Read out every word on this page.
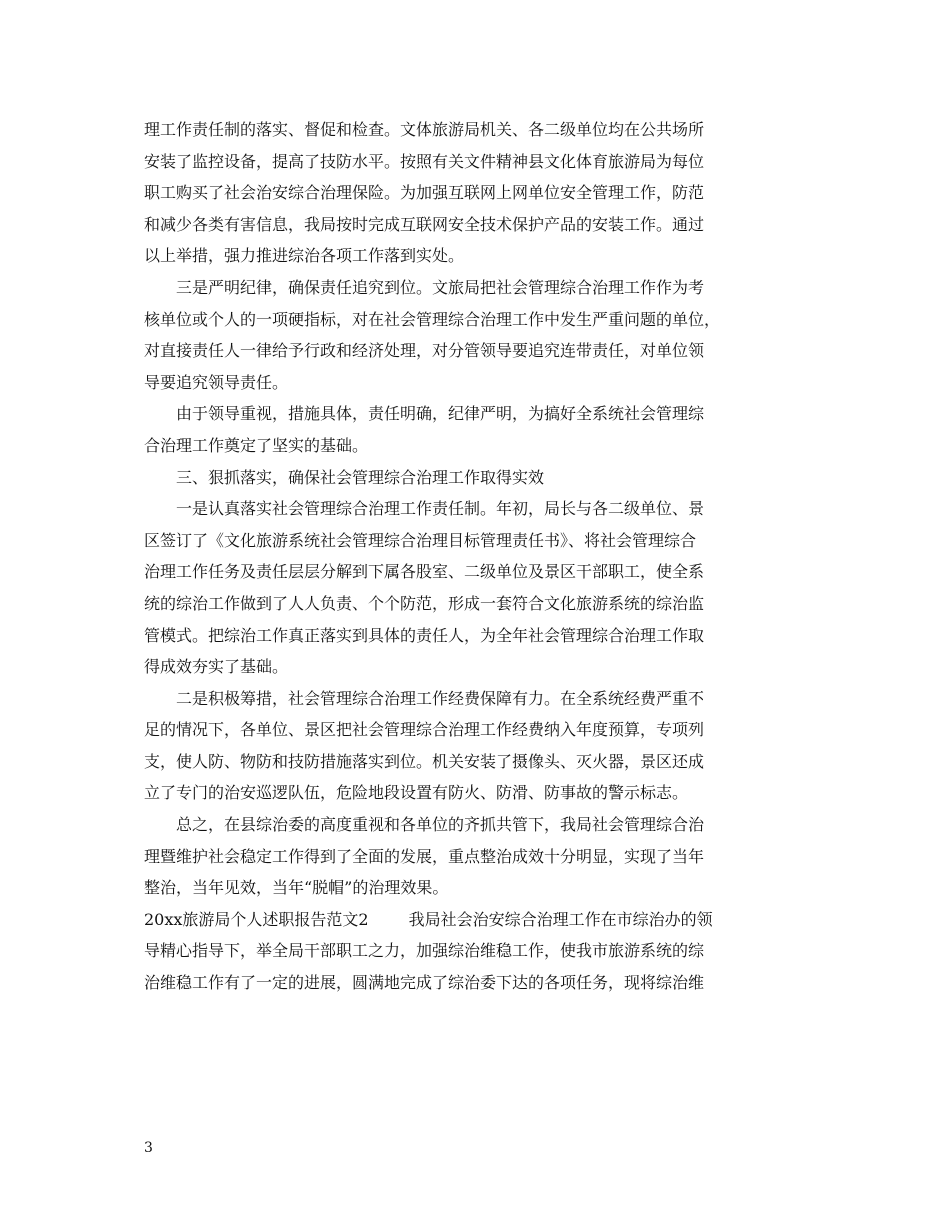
理工作责任制的落实、督促和检查。文体旅游局机关、各二级单位均在公共场所
安装了监控设备，提高了技防水平。按照有关文件精神县文化体育旅游局为每位
职工购买了社会治安综合治理保险。为加强互联网上网单位安全管理工作，防范
和减少各类有害信息，我局按时完成互联网安全技术保护产品的安装工作。通过
以上举措，强力推进综治各项工作落到实处。
三是严明纪律，确保责任追究到位。文旅局把社会管理综合治理工作作为考
核单位或个人的一项硬指标，对在社会管理综合治理工作中发生严重问题的单位，
对直接责任人一律给予行政和经济处理，对分管领导要追究连带责任，对单位领
导要追究领导责任。
由于领导重视，措施具体，责任明确，纪律严明，为搞好全系统社会管理综
合治理工作奠定了坚实的基础。
三、狠抓落实，确保社会管理综合治理工作取得实效
一是认真落实社会管理综合治理工作责任制。年初，局长与各二级单位、景
区签订了《文化旅游系统社会管理综合治理目标管理责任书》、将社会管理综合
治理工作任务及责任层层分解到下属各股室、二级单位及景区干部职工，使全系
统的综治工作做到了人人负责、个个防范，形成一套符合文化旅游系统的综治监
管模式。把综治工作真正落实到具体的责任人，为全年社会管理综合治理工作取
得成效夯实了基础。
二是积极筹措，社会管理综合治理工作经费保障有力。在全系统经费严重不
足的情况下，各单位、景区把社会管理综合治理工作经费纳入年度预算，专项列
支，使人防、物防和技防措施落实到位。机关安装了摄像头、灭火器，景区还成
立了专门的治安巡逻队伍，危险地段设置有防火、防滑、防事故的警示标志。
总之，在县综治委的高度重视和各单位的齐抓共管下，我局社会管理综合治
理暨维护社会稳定工作得到了全面的发展，重点整治成效十分明显，实现了当年
整治，当年见效，当年“脱帽”的治理效果。
20xx旅游局个人述职报告范文2	我局社会治安综合治理工作在市综治办的领
导精心指导下，举全局干部职工之力，加强综治维稳工作，使我市旅游系统的综
治维稳工作有了一定的进展，圆满地完成了综治委下达的各项任务，现将综治维
3
